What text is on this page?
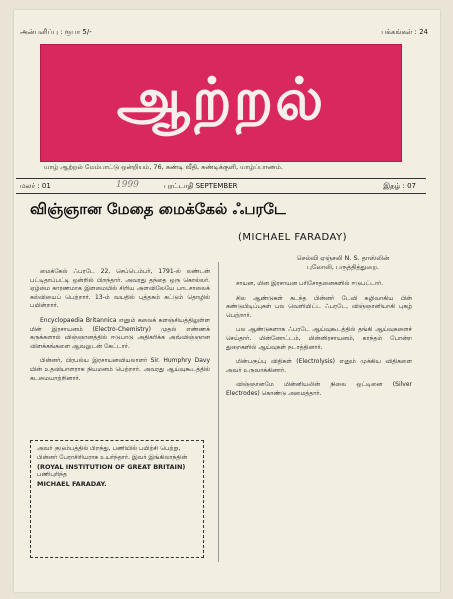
அன்பளிப்பு : ரூபா 5/-	பக்கங்கள் : 24
ஆற்றல்
யாழ் ஆற்றல் மேம்பாட்டு ஒன்றியம், 76, கண்டி வீதி, சுண்டிக்குளி, யாழ்ப்பாணம்.
மலர் : 01	1999	புரட்டாதி SEPTEMBER	இதழ் : 07
விஞ்ஞான மேதை மைக்கேல் ஃபரடே
(MICHAEL FARADAY)
செல்வி ஏஞ்சலி N. S. தாஸ்லின்
புலோலி, பருத்தித்துறை.

மைக்கேல் ஃபரடே 22, செப்டெம்பர், 1791-ல் லண்டன் பட்டிதாப்பட்டி ஒன்றில் பிறந்தார். அவரது தந்தை ஒரு கொல்லர். ஏழ்மை காரணமாக இளமையில் சிறிய அளவிலேயே பாடசாலைக் கல்வியைப் பெற்றார். 13-ம் வயதில் புத்தகம் கட்டும் தொழில் பயின்றார்.

Encyclopaedia Britannica எனும் கலைக் களஞ்சியத்திலுள்ள மின் இரசாயனம் (Electro-Chemistry) முதல் எண்ணக் கருக்களால் விஞ்ஞானத்தில் ஈடுபாடு அதிகரிக்க அவ்விஞ்ஞான விளக்கங்களை ஆவலுடன் கேட்டார்.

பின்னர், பிரபல்ய இரசாயனவியலாளர் Sir. Humphry Davy யின் உதவியாளராக நியமனம் பெற்றார். அவரது ஆய்வுகூடத்தில் கடமையாற்றினார்.

சாயன, மின இரசாயன பரிசோதனைகளில் ஈடுபட்டார்.

சில ஆண்டுகள் கடந்த பின்னர் டேவி கழிவாகிய பின் கண்டுபிடிப்புகள் பல வெளியிட்ட ஃபரடே, விஞ்ஞானியாகி புகழ் பெற்றார்.

பல ஆண்டுகளாக ஃபரடே ஆய்வுகூடத்தில் தங்கி ஆய்வுகளைச் செய்தார். மின்னோட்டம், மின்னிரசாயனம், காந்தம் போன்ற துறைகளில் ஆய்வுகள் நடாத்தினார்.

மின்பகுப்பு விதிகள் (Electrolysis) எனும் முக்கிய விதிகளை அவர் உருவாக்கினார்.

விஞ்ஞானமே மின்னியலின் நிலை ஒட்டினை (Silver Electrodes) கொண்டு அமைத்தார்.

அவர் குடும்பத்தில் பிறந்து, பணியில் பயிற்சி பெற்று, பின்னர் பேராசிரியராக உயர்ந்தார். இவர் இங்கிலாந்தின்
(ROYAL INSTITUTION OF GREAT BRITAIN)
பணிபுரிந்த
MICHAEL FARADAY.
